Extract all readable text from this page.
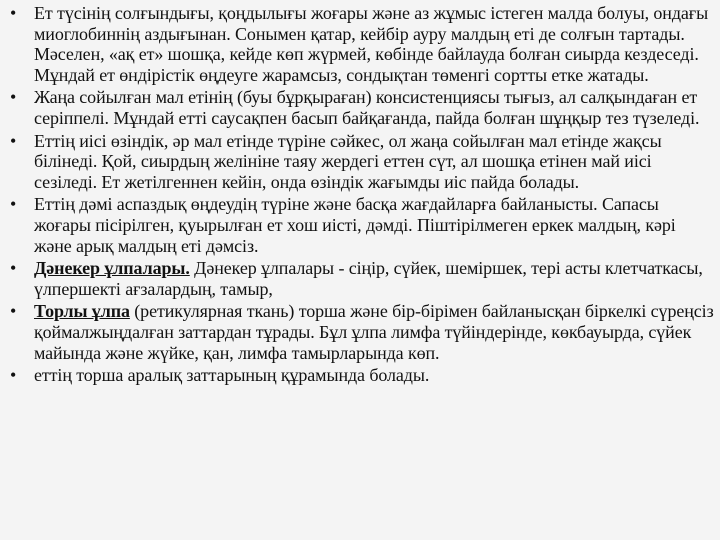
• Ет түсінің солғындығы, қоңдылығы жоғары және аз жұмыс істеген малда болуы, ондағы миоглобиннің аздығынан. Сонымен қатар, кейбір ауру малдың еті де солғын тартады. Мәселен, «ақ ет» шошқа, кейде көп жүрмей, көбінде байлауда болған сиырда кездеседі. Мұндай ет өндірістік өңдеуге жарамсыз, сондықтан төменгі сортты етке жатады.
• Жаңа сойылған мал етінің (буы бұрқыраған) консистенциясы тығыз, ал салқындаған ет серіппелі. Мұндай етті саусақпен басып байқағанда, пайда болған шұңқыр тез түзеледі.
• Еттің иісі өзіндік, әр мал етінде түріне сәйкес, ол жаңа сойылған мал етінде жақсы білінеді. Қой, сиырдың желініне таяу жердегі еттен сүт, ал шошқа етінен май иісі сезіледі. Ет жетілгеннен кейін, онда өзіндік жағымды иіс пайда болады.
• Еттің дәмі аспаздық өңдеудің түріне және басқа жағдайларға байланысты. Сапасы жоғары пісірілген, қуырылған ет хош иісті, дәмді. Піштірілмеген еркек малдың, кәрі және арық малдың еті дәмсіз.
• Дәнекер ұлпалары. Дәнекер ұлпалары - сіңір, сүйек, шеміршек, тері асты клетчаткасы, үлпершекті ағзалардың, тамыр,
• Торлы ұлпа (ретикулярная ткань) торша және бір-бірімен байланысқан біркелкі сүреңсіз қоймалжыңдалған заттардан тұрады. Бұл ұлпа лимфа түйіндерінде, көкбауырда, сүйек майында және жүйке, қан, лимфа тамырларында көп.
• еттің торша аралық заттарының құрамында болады.
